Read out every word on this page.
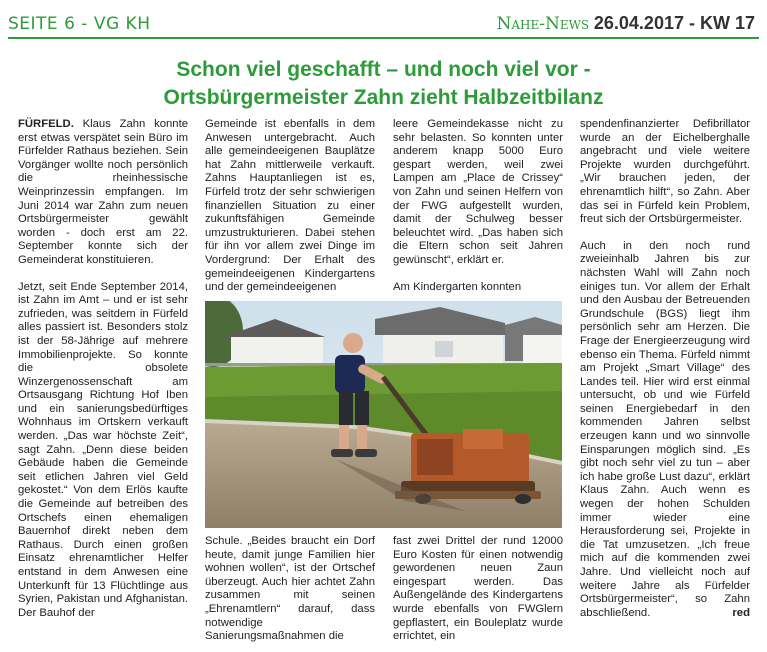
SEITE 6 - VG KH	Nahe-News 26.04.2017 - KW 17
Schon viel geschafft – und noch viel vor -
Ortsbürgermeister Zahn zieht Halbzeitbilanz

FÜRFELD. Klaus Zahn konnte erst etwas verspätet sein Büro im Fürfelder Rathaus beziehen. Sein Vorgänger wollte noch persönlich die rheinhessische Weinprinzessin empfangen. Im Juni 2014 war Zahn zum neuen Ortsbürgermeister gewählt worden - doch erst am 22. September konnte sich der Gemeinderat konstituieren.

Jetzt, seit Ende September 2014, ist Zahn im Amt – und er ist sehr zufrieden, was seitdem in Fürfeld alles passiert ist. Besonders stolz ist der 58-Jährige auf mehrere Immobilienprojekte. So konnte die obsolete Winzergenossenschaft am Ortsausgang Richtung Hof Iben und ein sanierungsbedürftiges Wohnhaus im Ortskern verkauft werden. „Das war höchste Zeit“, sagt Zahn. „Denn diese beiden Gebäude haben die Gemeinde seit etlichen Jahren viel Geld gekostet.“ Von dem Erlös kaufte die Gemeinde auf betreiben des Ortschefs einen ehemaligen Bauernhof direkt neben dem Rathaus. Durch einen großen Einsatz ehrenamtlicher Helfer entstand in dem Anwesen eine Unterkunft für 13 Flüchtlinge aus Syrien, Pakistan und Afghanistan. Der Bauhof der

Gemeinde ist ebenfalls in dem Anwesen untergebracht. Auch alle gemeindeeigenen Bauplätze hat Zahn mittlerweile verkauft. Zahns Hauptanliegen ist es, Fürfeld trotz der sehr schwierigen finanziellen Situation zu einer zukunftsfähigen Gemeinde umzustrukturieren. Dabei stehen für ihn vor allem zwei Dinge im Vordergrund: Der Erhalt des gemeindeeigenen Kindergartens und der gemeindeeigenen

leere Gemeindekasse nicht zu sehr belasten. So konnten unter anderem knapp 5000 Euro gespart werden, weil zwei Lampen am „Place de Crissey“ von Zahn und seinen Helfern von der FWG aufgestellt wurden, damit der Schulweg besser beleuchtet wird. „Das haben sich die Eltern schon seit Jahren gewünscht“, erklärt er.

Am Kindergarten konnten

Schule. „Beides braucht ein Dorf heute, damit junge Familien hier wohnen wollen“, ist der Ortschef überzeugt. Auch hier achtet Zahn zusammen mit seinen „Ehrenamtlern“ darauf, dass notwendige Sanierungsmaßnahmen die

fast zwei Drittel der rund 12000 Euro Kosten für einen notwendig gewordenen neuen Zaun eingespart werden. Das Außengelände des Kindergartens wurde ebenfalls von FWGlern gepflastert, ein Bouleplatz wurde errichtet, ein

spendenfinanzierter Defibrillator wurde an der Eichelberghalle angebracht und viele weitere Projekte wurden durchgeführt. „Wir brauchen jeden, der ehrenamtlich hilft“, so Zahn. Aber das sei in Fürfeld kein Problem, freut sich der Ortsbürgermeister.

Auch in den noch rund zweieinhalb Jahren bis zur nächsten Wahl will Zahn noch einiges tun. Vor allem der Erhalt und den Ausbau der Betreuenden Grundschule (BGS) liegt ihm persönlich sehr am Herzen. Die Frage der Energieerzeugung wird ebenso ein Thema. Fürfeld nimmt am Projekt „Smart Village“ des Landes teil. Hier wird erst einmal untersucht, ob und wie Fürfeld seinen Energiebedarf in den kommenden Jahren selbst erzeugen kann und wo sinnvolle Einsparungen möglich sind. „Es gibt noch sehr viel zu tun – aber ich habe große Lust dazu“, erklärt Klaus Zahn. Auch wenn es wegen der hohen Schulden immer wieder eine Herausforderung sei, Projekte in die Tat umzusetzen. „Ich freue mich auf die kommenden zwei Jahre. Und vielleicht noch auf weitere Jahre als Fürfelder Ortsbürgermeister“, so Zahn abschließend.	red
